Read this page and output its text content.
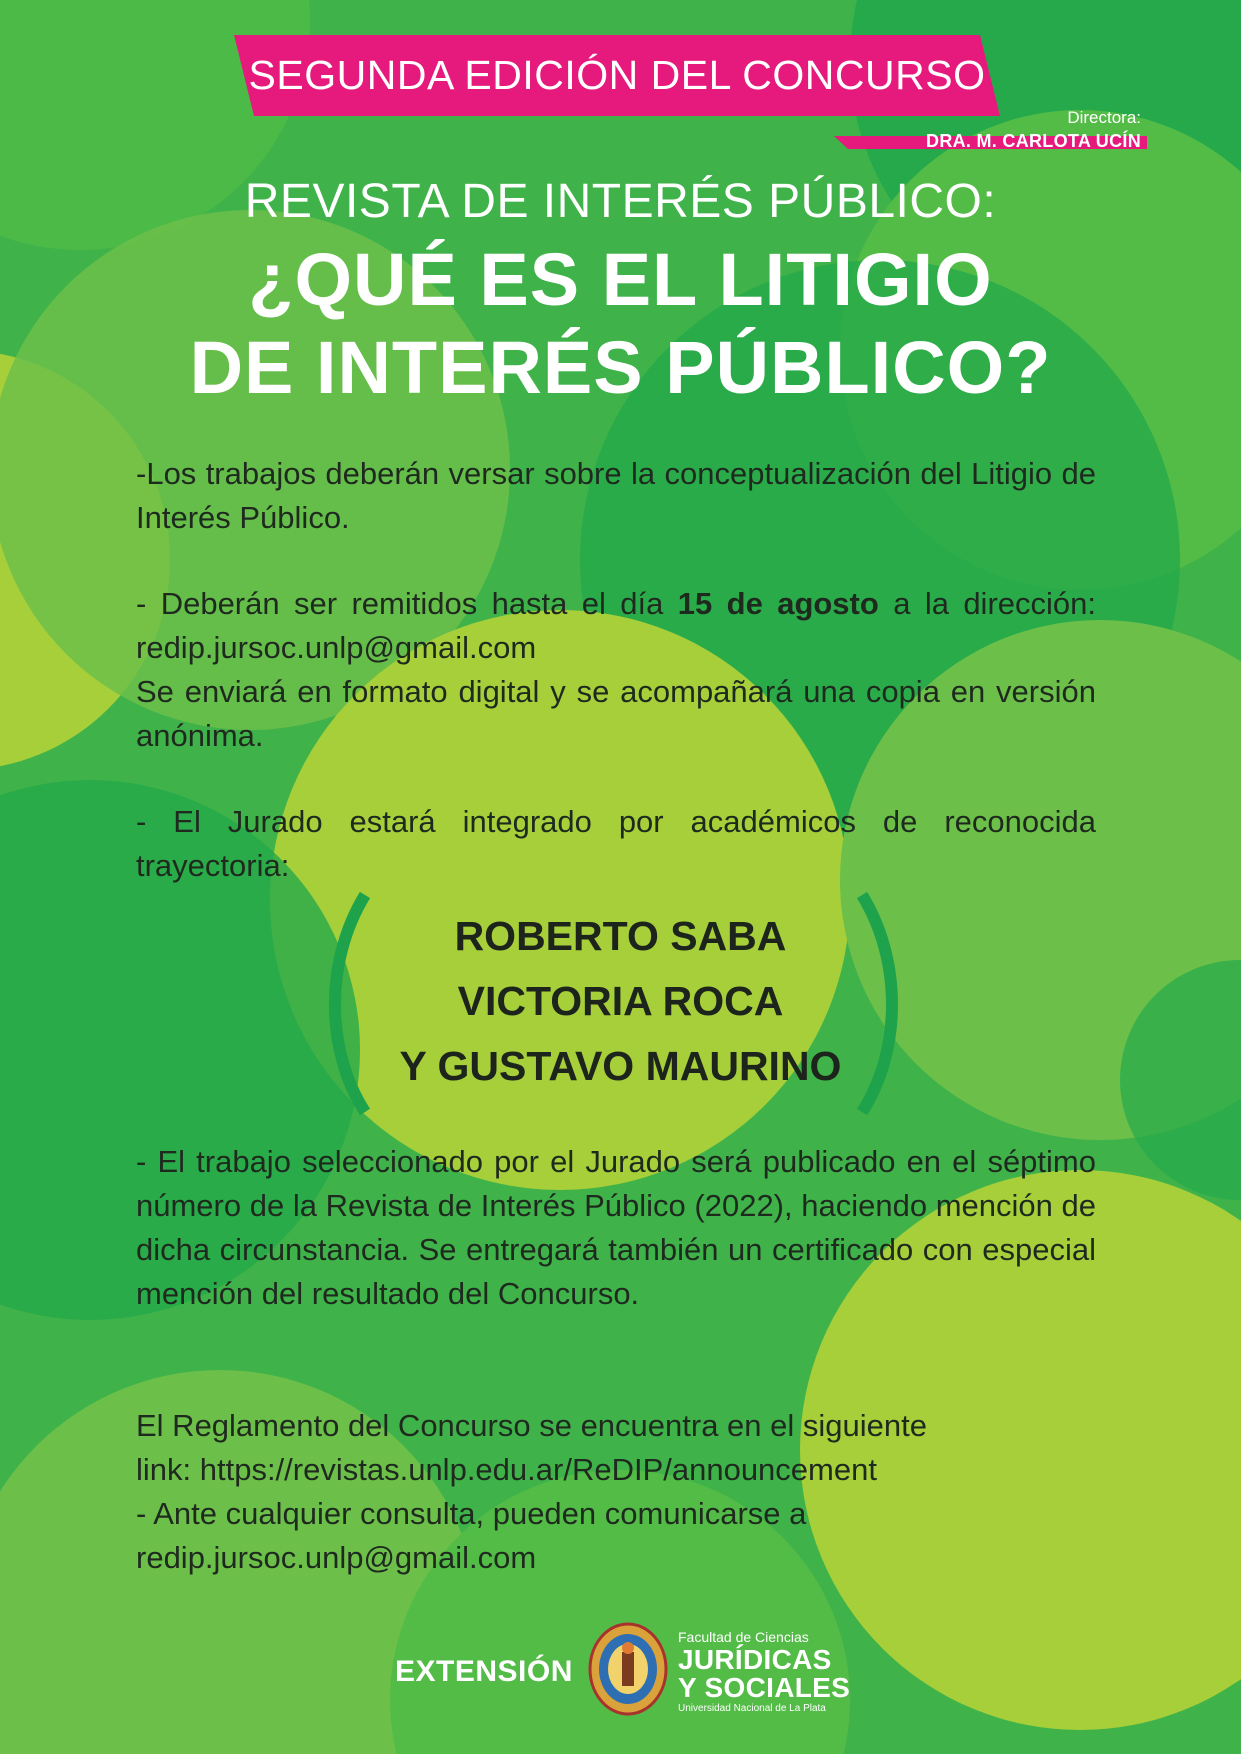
SEGUNDA EDICIÓN DEL CONCURSO
Directora:
DRA. M. CARLOTA UCÍN
REVISTA DE INTERÉS PÚBLICO:
¿QUÉ ES EL LITIGIO
DE INTERÉS PÚBLICO?

-Los trabajos deberán versar sobre la conceptualización del Litigio de Interés Público.

- Deberán ser remitidos hasta el día 15 de agosto a la dirección: redip.jursoc.unlp@gmail.com

Se enviará en formato digital y se acompañará una copia en versión anónima.

- El Jurado estará integrado por académicos de reconocida trayectoria:

ROBERTO SABA
VICTORIA ROCA
Y GUSTAVO MAURINO

- El trabajo seleccionado por el Jurado será publicado en el séptimo número de la Revista de Interés Público (2022), haciendo mención de dicha circunstancia. Se entregará también un certificado con especial mención del resultado del Concurso.

El Reglamento del Concurso se encuentra en el siguiente

link: https://revistas.unlp.edu.ar/ReDIP/announcement

- Ante cualquier consulta, pueden comunicarse a

redip.jursoc.unlp@gmail.com

EXTENSIÓN
Facultad de Ciencias
JURÍDICAS
Y SOCIALES
Universidad Nacional de La Plata
